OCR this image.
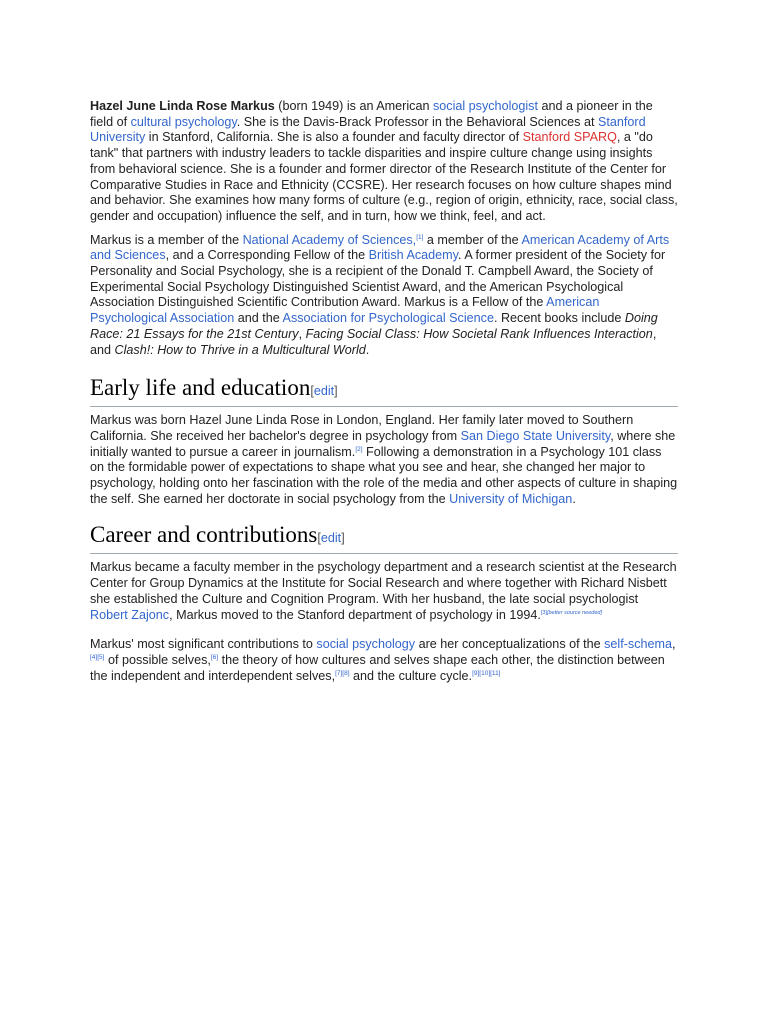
Hazel June Linda Rose Markus (born 1949) is an American social psychologist and a pioneer in the field of cultural psychology. She is the Davis-Brack Professor in the Behavioral Sciences at Stanford University in Stanford, California. She is also a founder and faculty director of Stanford SPARQ, a "do tank" that partners with industry leaders to tackle disparities and inspire culture change using insights from behavioral science. She is a founder and former director of the Research Institute of the Center for Comparative Studies in Race and Ethnicity (CCSRE). Her research focuses on how culture shapes mind and behavior. She examines how many forms of culture (e.g., region of origin, ethnicity, race, social class, gender and occupation) influence the self, and in turn, how we think, feel, and act.

Markus is a member of the National Academy of Sciences,[1] a member of the American Academy of Arts and Sciences, and a Corresponding Fellow of the British Academy. A former president of the Society for Personality and Social Psychology, she is a recipient of the Donald T. Campbell Award, the Society of Experimental Social Psychology Distinguished Scientist Award, and the American Psychological Association Distinguished Scientific Contribution Award. Markus is a Fellow of the American Psychological Association and the Association for Psychological Science. Recent books include Doing Race: 21 Essays for the 21st Century, Facing Social Class: How Societal Rank Influences Interaction, and Clash!: How to Thrive in a Multicultural World.

Early life and education[edit]

Markus was born Hazel June Linda Rose in London, England. Her family later moved to Southern California. She received her bachelor's degree in psychology from San Diego State University, where she initially wanted to pursue a career in journalism.[2] Following a demonstration in a Psychology 101 class on the formidable power of expectations to shape what you see and hear, she changed her major to psychology, holding onto her fascination with the role of the media and other aspects of culture in shaping the self. She earned her doctorate in social psychology from the University of Michigan.

Career and contributions[edit]

Markus became a faculty member in the psychology department and a research scientist at the Research Center for Group Dynamics at the Institute for Social Research and where together with Richard Nisbett she established the Culture and Cognition Program. With her husband, the late social psychologist Robert Zajonc, Markus moved to the Stanford department of psychology in 1994.[3][better source needed]

Markus' most significant contributions to social psychology are her conceptualizations of the self-schema,[4][5] of possible selves,[6] the theory of how cultures and selves shape each other, the distinction between the independent and interdependent selves,[7][8] and the culture cycle.[9][10][11]
